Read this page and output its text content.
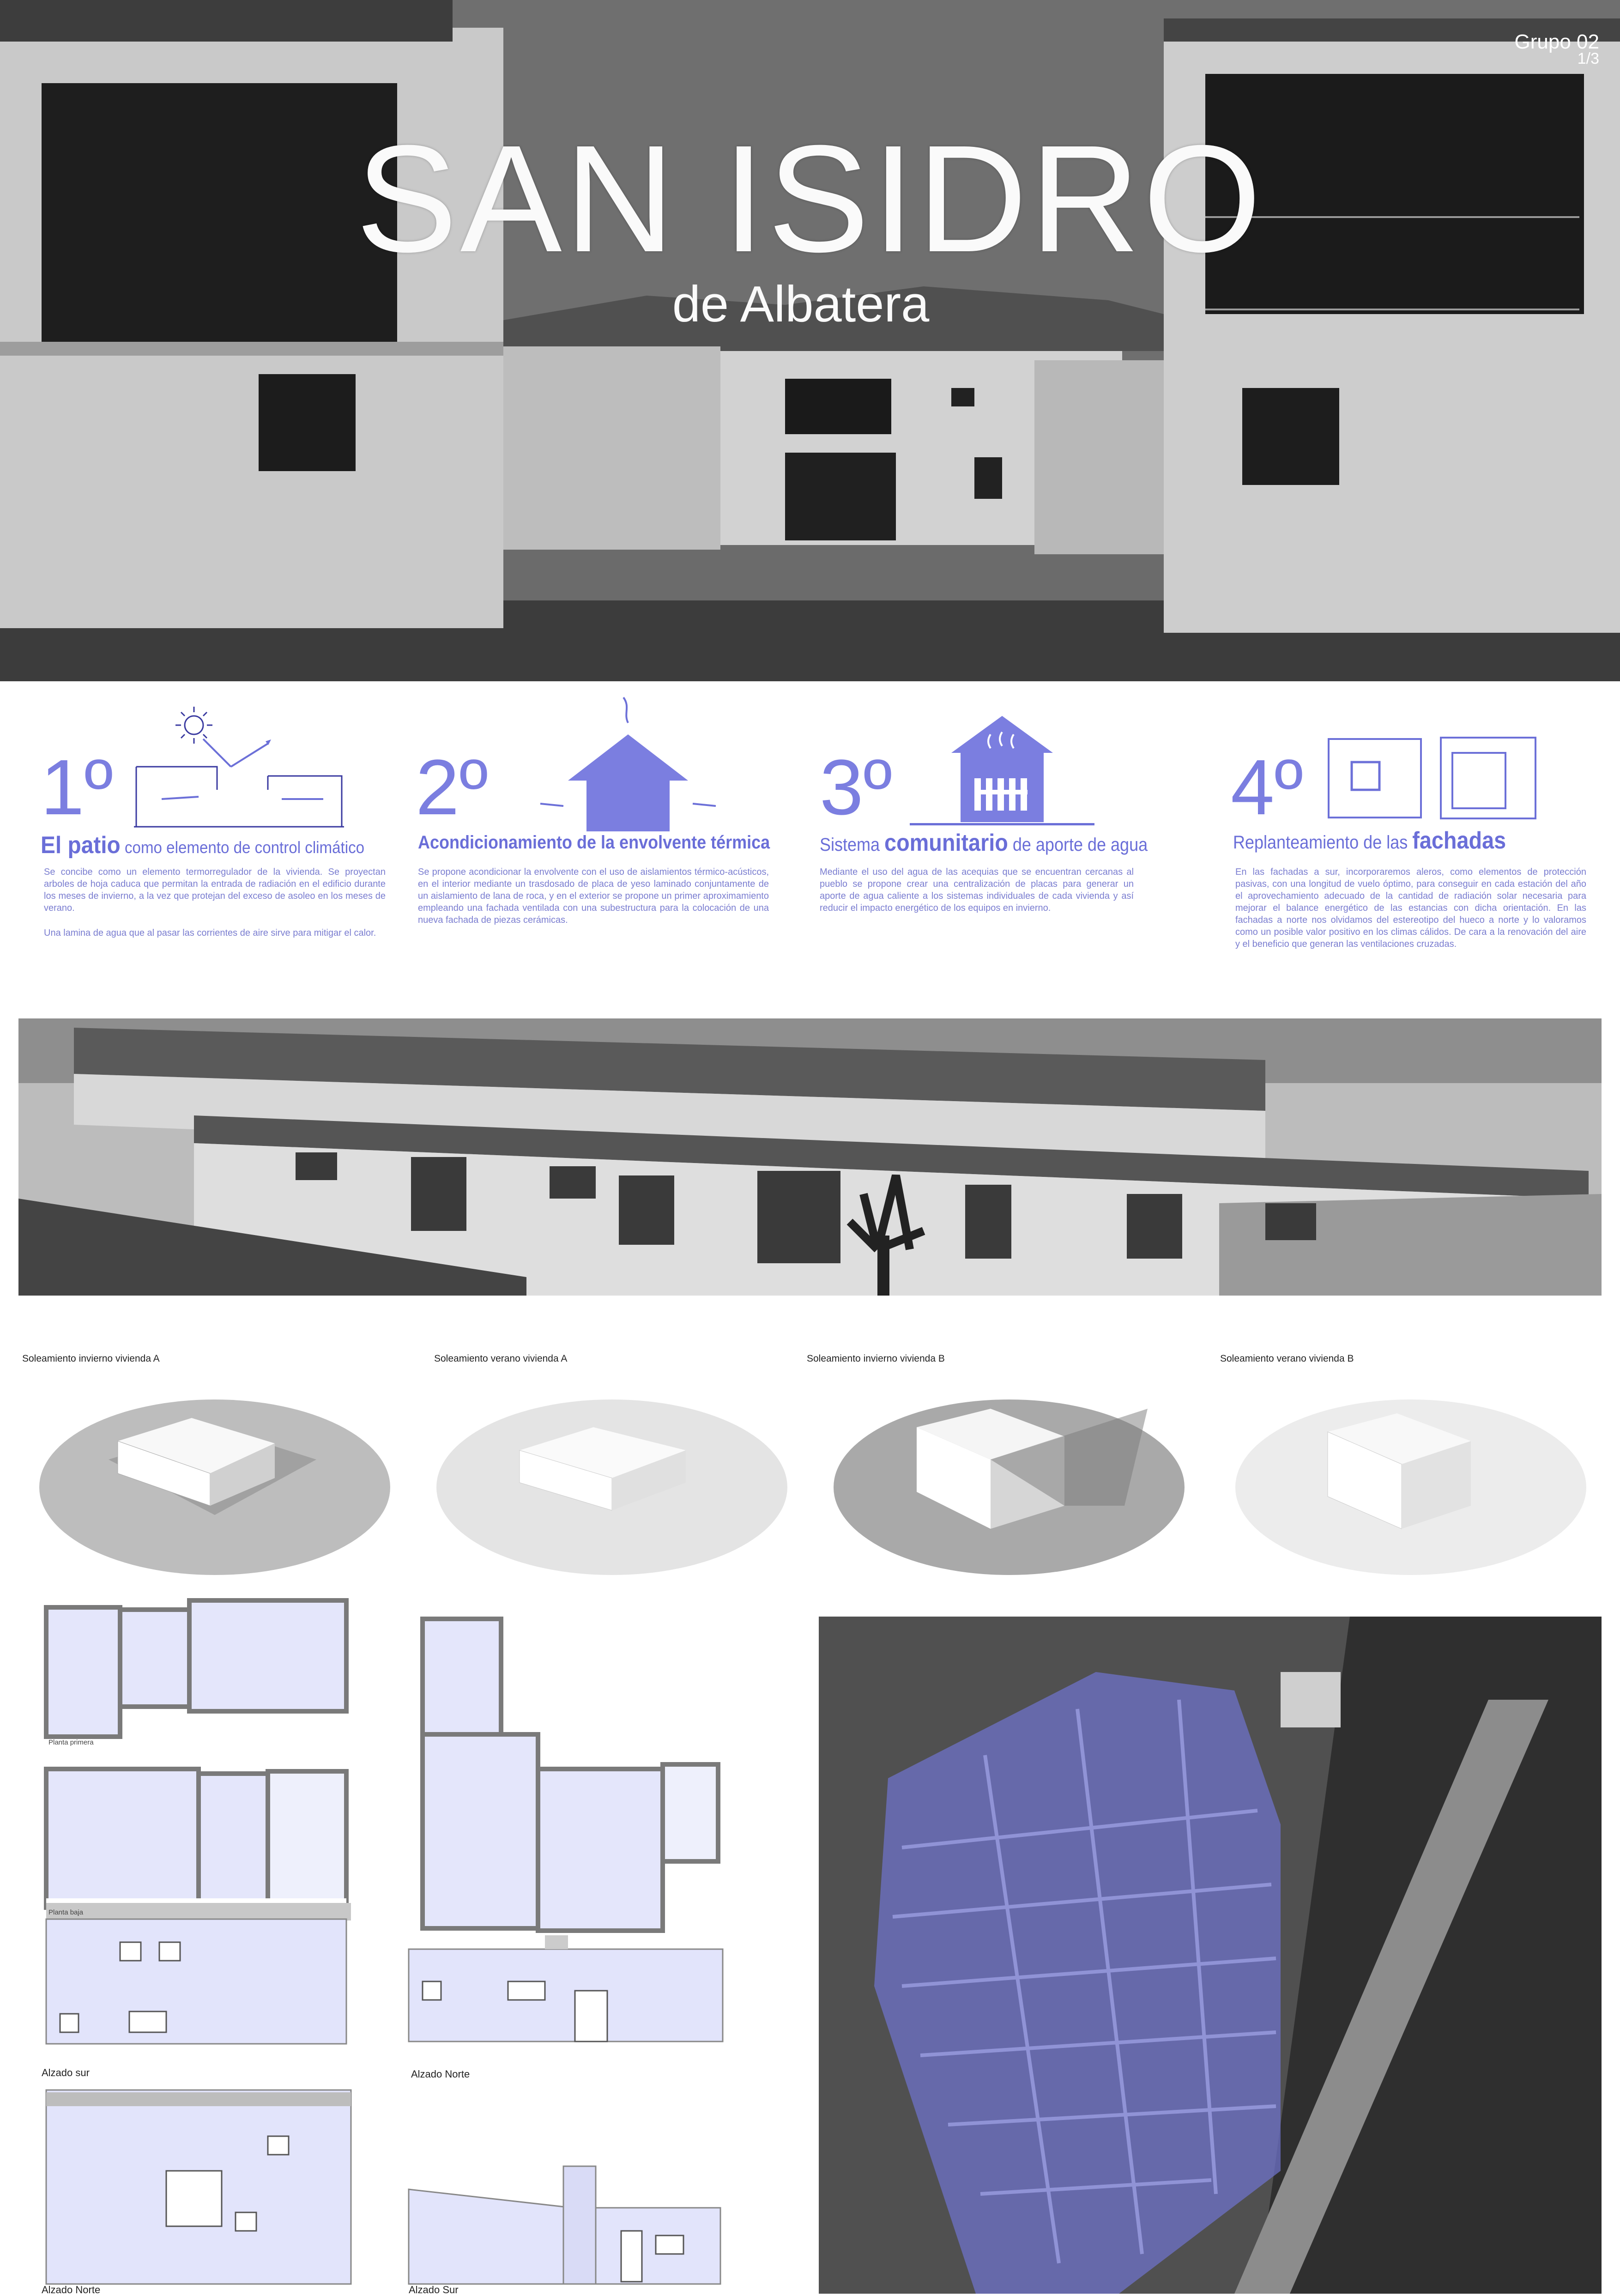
Grupo 02
1/3
SAN ISIDRO
de Albatera
1º
El patio como elemento de control climático

Se concibe como un elemento termorregulador de la vivienda. Se proyectan arboles de hoja caduca que permitan la entrada de radiación en el edificio durante los meses de invierno, a la vez que protejan del exceso de asoleo en los meses de verano.

Una lamina de agua que al pasar las corrientes de aire sirve para mitigar el calor.

2º
Acondicionamiento de la envolvente térmica

Se propone acondicionar la envolvente con el uso de aislamientos térmico-acústicos, en el interior mediante un trasdosado de placa de yeso laminado conjuntamente de un aislamiento de lana de roca, y en el exterior se propone un primer aproximamiento empleando una fachada ventilada con una subestructura para la colocación de una nueva fachada de piezas cerámicas.

3º
Sistema comunitario de aporte de agua

Mediante el uso del agua de las acequias que se encuentran cercanas al pueblo se propone crear una centralización de placas para generar un aporte de agua caliente a los sistemas individuales de cada vivienda y así reducir el impacto energético de los equipos en invierno.

4º
Replanteamiento de las fachadas

En las fachadas a sur, incorporaremos aleros, como elementos de protección pasivas, con una longitud de vuelo óptimo, para conseguir en cada estación del año el aprovechamiento adecuado de la cantidad de radiación solar necesaria para mejorar el balance energético de las estancias con dicha orientación. En las fachadas a norte nos olvidamos del estereotipo del hueco a norte y lo valoramos como un posible valor positivo en los climas cálidos. De cara a la renovación del aire y el beneficio que generan las ventilaciones cruzadas.

Soleamiento invierno vivienda A	Soleamiento verano vivienda A	Soleamiento invierno vivienda B	Soleamiento verano vivienda B
Planta primera
Planta baja
Alzado sur	Alzado Norte
Alzado Norte	Alzado Sur
